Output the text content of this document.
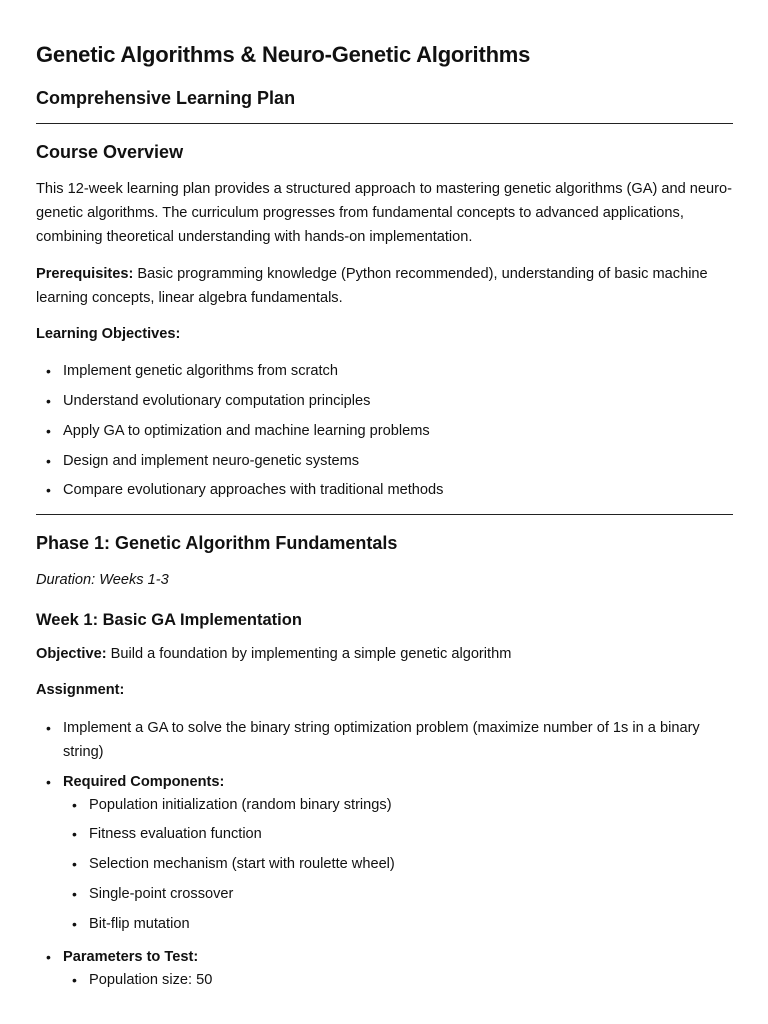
Genetic Algorithms & Neuro-Genetic Algorithms
Comprehensive Learning Plan
Course Overview

This 12-week learning plan provides a structured approach to mastering genetic algorithms (GA) and neuro-genetic algorithms. The curriculum progresses from fundamental concepts to advanced applications, combining theoretical understanding with hands-on implementation.

Prerequisites: Basic programming knowledge (Python recommended), understanding of basic machine learning concepts, linear algebra fundamentals.

Learning Objectives:

• Implement genetic algorithms from scratch
• Understand evolutionary computation principles
• Apply GA to optimization and machine learning problems
• Design and implement neuro-genetic systems
• Compare evolutionary approaches with traditional methods
Phase 1: Genetic Algorithm Fundamentals

Duration: Weeks 1-3

Week 1: Basic GA Implementation

Objective: Build a foundation by implementing a simple genetic algorithm

Assignment:

• Implement a GA to solve the binary string optimization problem (maximize number of 1s in a binary string)
• Required Components:
• Population initialization (random binary strings)
• Fitness evaluation function
• Selection mechanism (start with roulette wheel)
• Single-point crossover
• Bit-flip mutation
• Parameters to Test:
• Population size: 50
